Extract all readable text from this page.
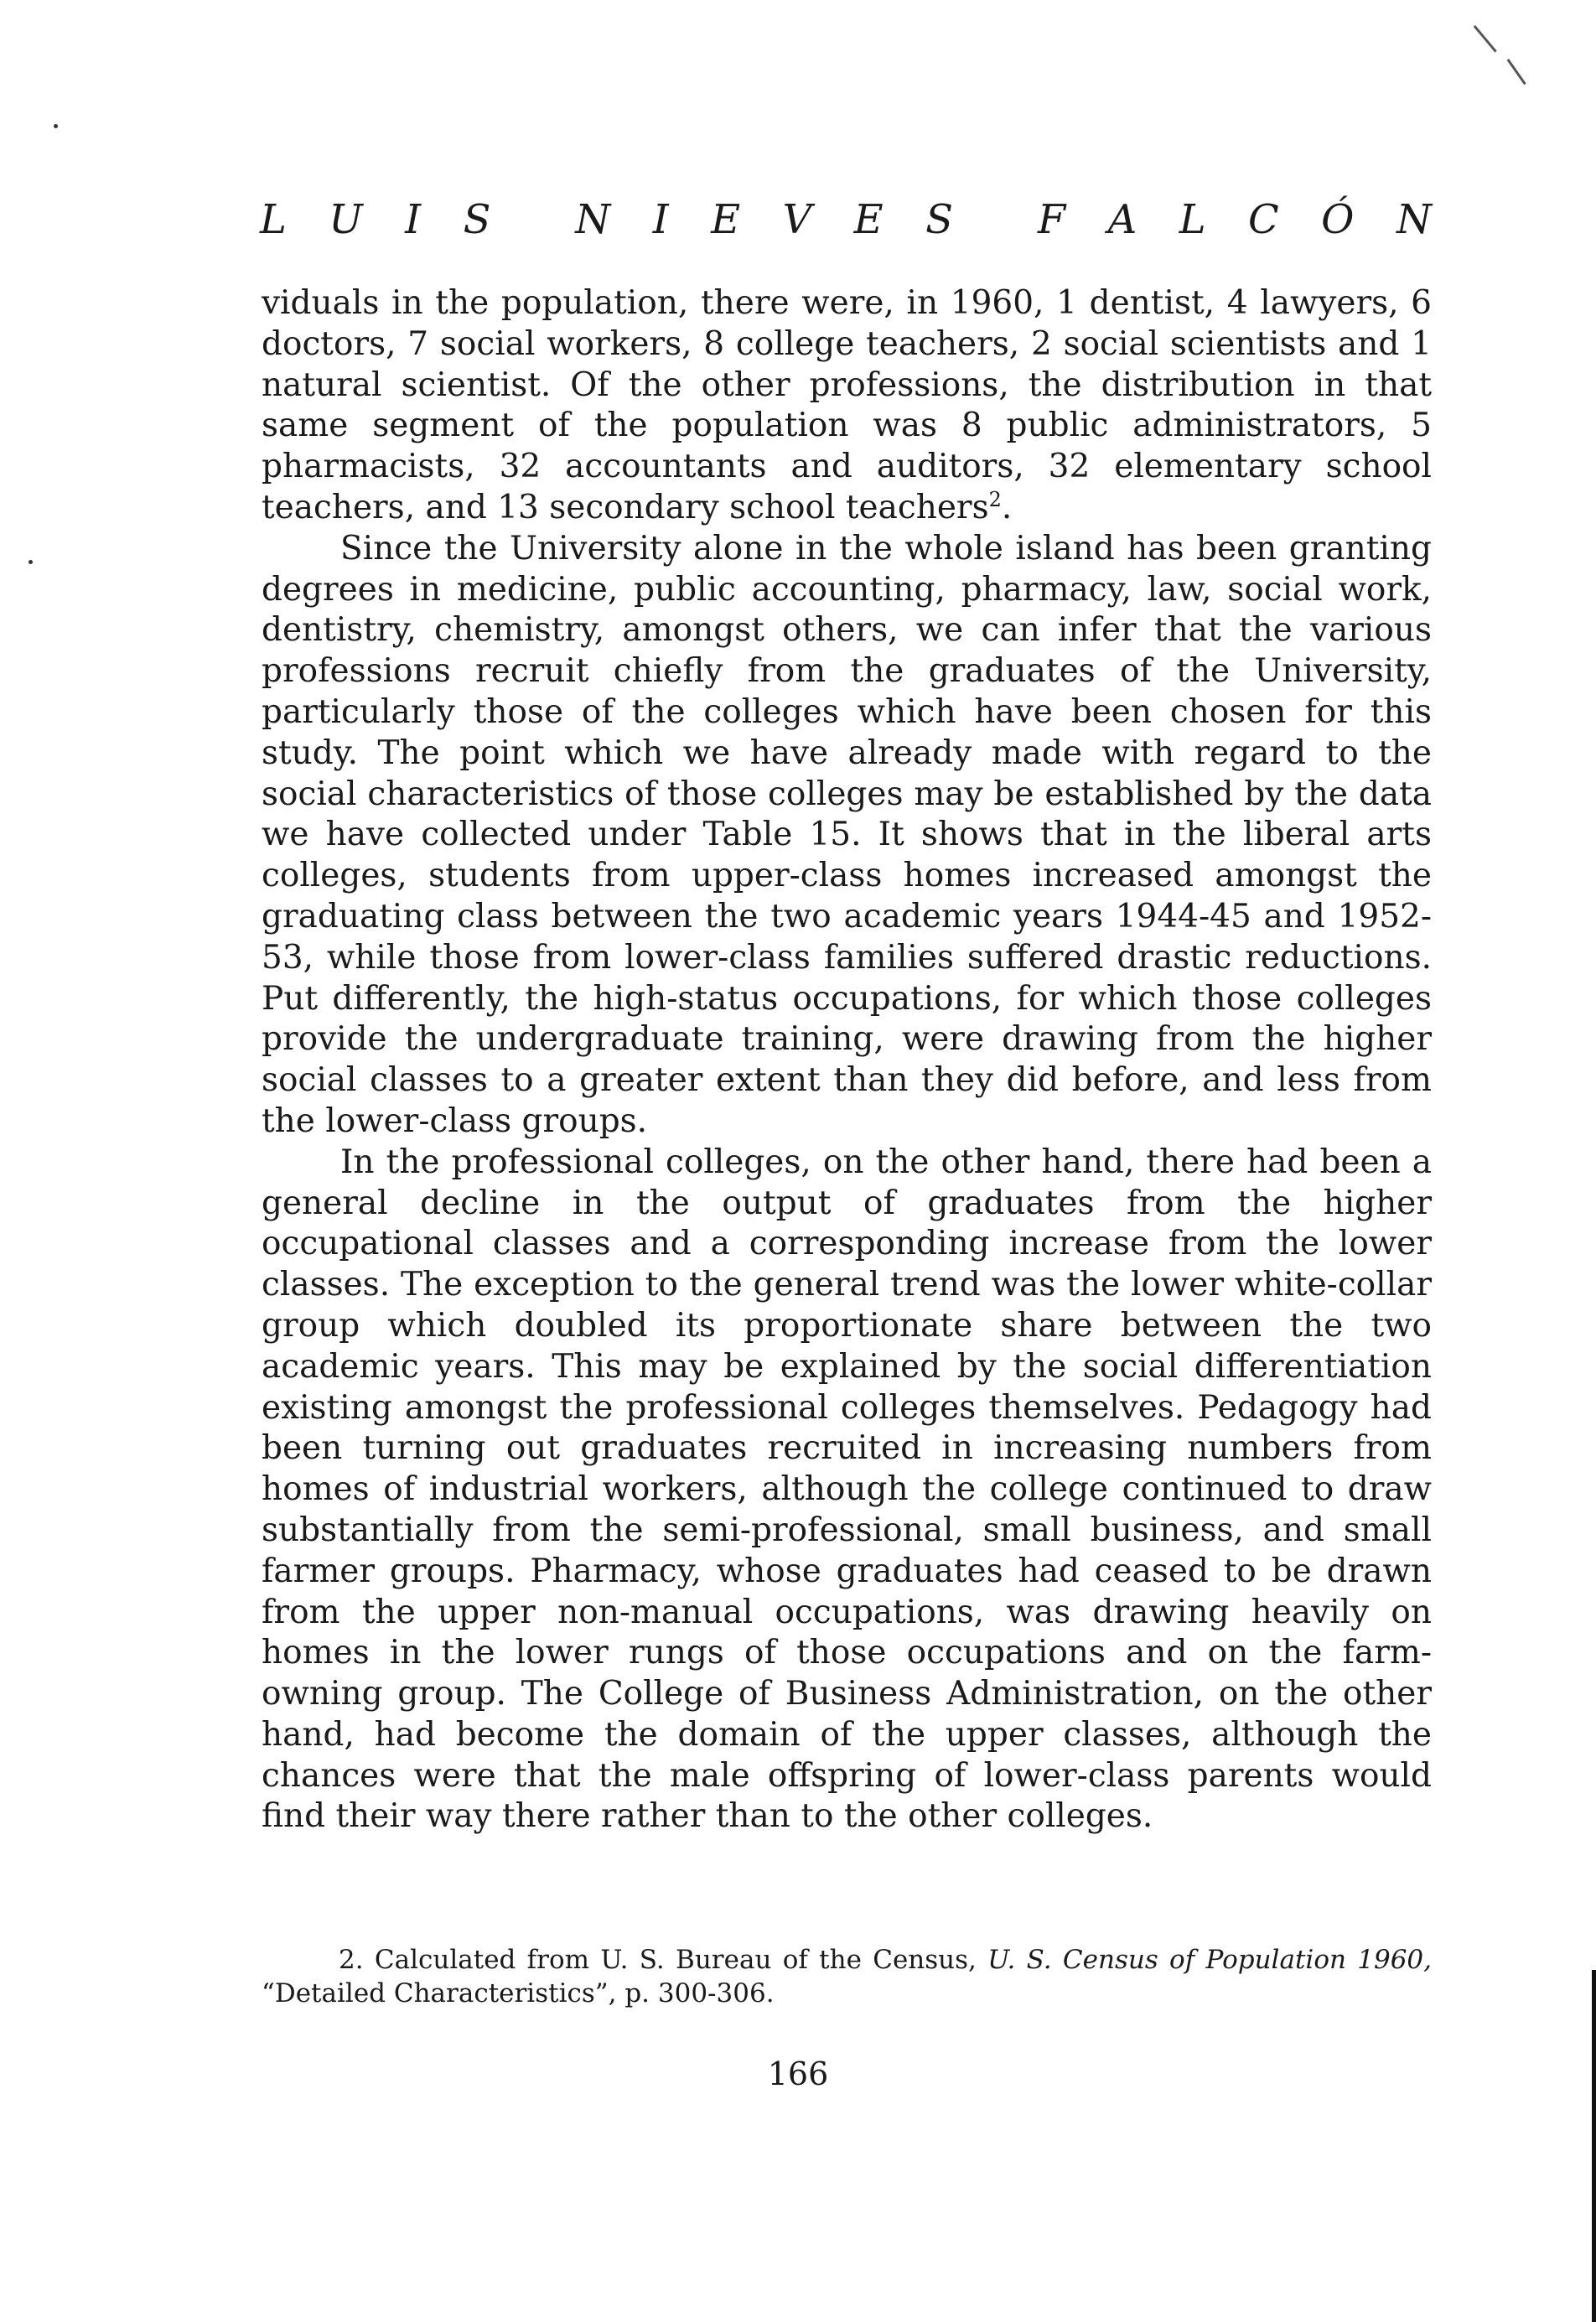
L U I S N I E V E S F A L C Ó N

viduals in the population, there were, in 1960, 1 dentist, 4 lawyers, 6 doctors, 7 social workers, 8 college teachers, 2 social scientists and 1 natural scientist. Of the other professions, the distribution in that same segment of the population was 8 public administrators, 5 pharmacists, 32 accountants and auditors, 32 elementary school teachers, and 13 secondary school teachers$^2$.

Since the University alone in the whole island has been granting degrees in medicine, public accounting, pharmacy, law, social work, dentistry, chemistry, amongst others, we can infer that the various professions recruit chiefly from the graduates of the University, particularly those of the colleges which have been chosen for this study. The point which we have already made with regard to the social characteristics of those colleges may be established by the data we have collected under Table 15. It shows that in the liberal arts colleges, students from upper-class homes increased amongst the graduating class between the two academic years 1944-45 and 1952-53, while those from lower-class families suffered drastic reductions. Put differently, the high-status occupations, for which those colleges provide the undergraduate training, were drawing from the higher social classes to a greater extent than they did before, and less from the lower-class groups.

In the professional colleges, on the other hand, there had been a general decline in the output of graduates from the higher occupational classes and a corresponding increase from the lower classes. The exception to the general trend was the lower white-collar group which doubled its proportionate share between the two academic years. This may be explained by the social differentiation existing amongst the professional colleges themselves. Pedagogy had been turning out graduates recruited in increasing numbers from homes of industrial workers, although the college continued to draw substantially from the semi-professional, small business, and small farmer groups. Pharmacy, whose graduates had ceased to be drawn from the upper non-manual occupations, was drawing heavily on homes in the lower rungs of those occupations and on the farm-owning group. The College of Business Administration, on the other hand, had become the domain of the upper classes, although the chances were that the male offspring of lower-class parents would find their way there rather than to the other colleges.

2. Calculated from U. S. Bureau of the Census, U. S. Census of Population 1960, “Detailed Characteristics”, p. 300-306.
166
